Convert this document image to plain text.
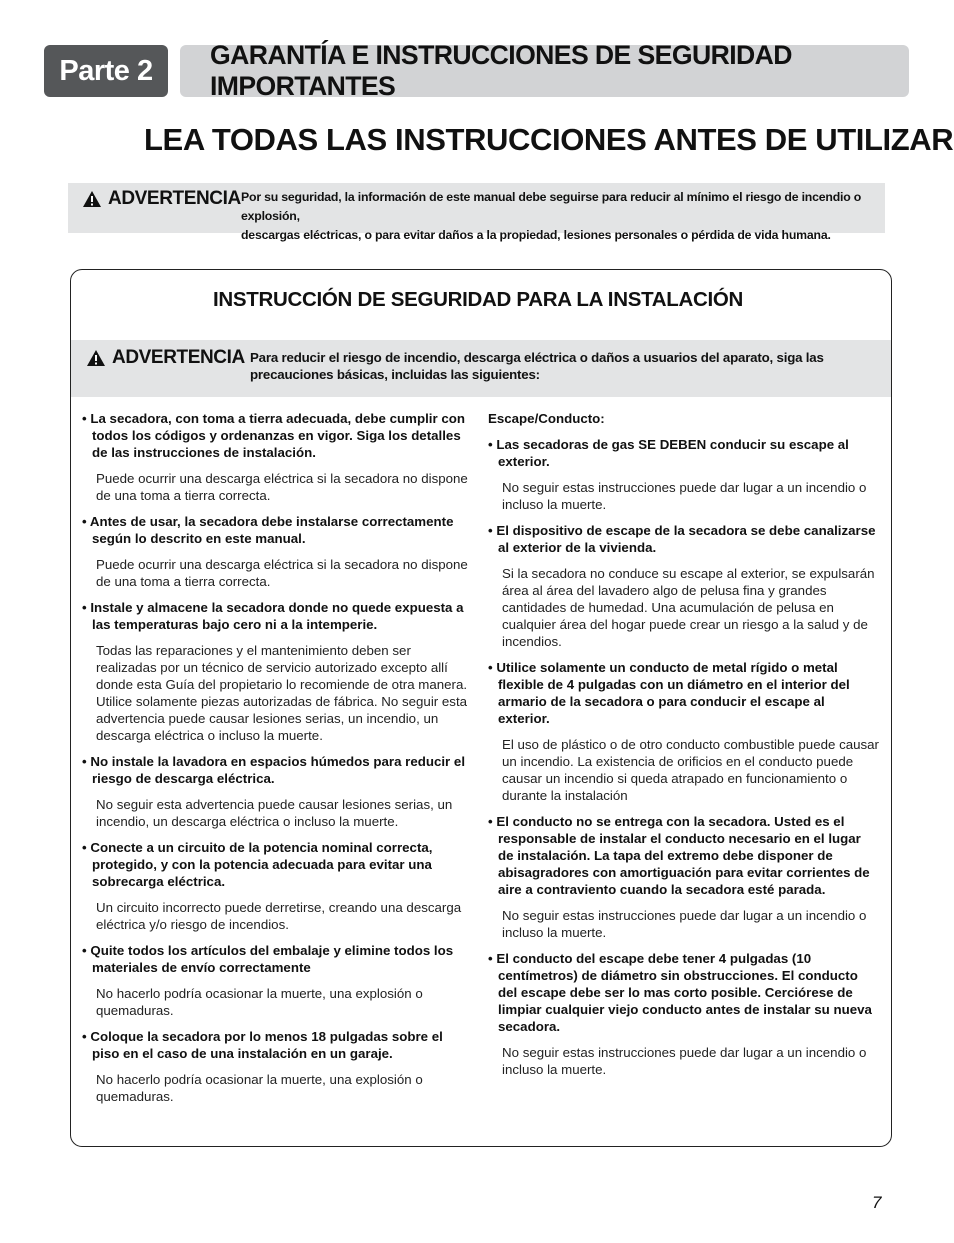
Parte 2	GARANTÍA E INSTRUCCIONES DE SEGURIDAD IMPORTANTES
LEA TODAS LAS INSTRUCCIONES ANTES DE UTILIZAR
ADVERTENCIA Por su seguridad, la información de este manual debe seguirse para reducir al mínimo el riesgo de incendio o explosión,
descargas eléctricas, o para evitar daños a la propiedad, lesiones personales o pérdida de vida humana.
INSTRUCCIÓN DE SEGURIDAD PARA LA INSTALACIÓN
ADVERTENCIA Para reducir el riesgo de incendio, descarga eléctrica o daños a usuarios del aparato, siga las
precauciones básicas, incluidas las siguientes:
• La secadora, con toma a tierra adecuada, debe cumplir con todos los códigos y ordenanzas en vigor. Siga los detalles de las instrucciones de instalación.
Puede ocurrir una descarga eléctrica si la secadora no dispone de una toma a tierra correcta.
• Antes de usar, la secadora debe instalarse correctamente según lo descrito en este manual.
Puede ocurrir una descarga eléctrica si la secadora no dispone de una toma a tierra correcta.
• Instale y almacene la secadora donde no quede expuesta a las temperaturas bajo cero ni a la intemperie.
Todas las reparaciones y el mantenimiento deben ser realizadas por un técnico de servicio autorizado excepto allí donde esta Guía del propietario lo recomiende de otra manera. Utilice solamente piezas autorizadas de fábrica. No seguir esta advertencia puede causar lesiones serias, un incendio, un descarga eléctrica o incluso la muerte.
• No instale la lavadora en espacios húmedos para reducir el riesgo de descarga eléctrica.
No seguir esta advertencia puede causar lesiones serias, un incendio, un descarga eléctrica o incluso la muerte.
• Conecte a un circuito de la potencia nominal correcta, protegido, y con la potencia adecuada para evitar una sobrecarga eléctrica.
Un circuito incorrecto puede derretirse, creando una descarga eléctrica y/o riesgo de incendios.
• Quite todos los artículos del embalaje y elimine todos los materiales de envío correctamente
No hacerlo podría ocasionar la muerte, una explosión o quemaduras.
• Coloque la secadora por lo menos 18 pulgadas sobre el piso en el caso de una instalación en un garaje.
No hacerlo podría ocasionar la muerte, una explosión o quemaduras.
Escape/Conducto:
• Las secadoras de gas SE DEBEN conducir su escape al exterior.
No seguir estas instrucciones puede dar lugar a un incendio o incluso la muerte.
• El dispositivo de escape de la secadora se debe canalizarse al exterior de la vivienda.
Si la secadora no conduce su escape al exterior, se expulsarán área al área del lavadero algo de pelusa fina y grandes cantidades de humedad. Una acumulación de pelusa en cualquier área del hogar puede crear un riesgo a la salud y de incendios.
• Utilice solamente un conducto de metal rígido o metal flexible de 4 pulgadas con un diámetro en el interior del armario de la secadora o para conducir el escape al exterior.
El uso de plástico o de otro conducto combustible puede causar un incendio. La existencia de orificios en el conducto puede causar un incendio si queda atrapado en funcionamiento o durante la instalación
• El conducto no se entrega con la secadora. Usted es el responsable de instalar el conducto necesario en el lugar de instalación. La tapa del extremo debe disponer de abisagradores con amortiguación para evitar corrientes de aire a contraviento cuando la secadora esté parada.
No seguir estas instrucciones puede dar lugar a un incendio o incluso la muerte.
• El conducto del escape debe tener 4 pulgadas (10 centímetros) de diámetro sin obstrucciones. El conducto del escape debe ser lo mas corto posible. Cerciórese de limpiar cualquier viejo conducto antes de instalar su nueva secadora.
No seguir estas instrucciones puede dar lugar a un incendio o incluso la muerte.
7
